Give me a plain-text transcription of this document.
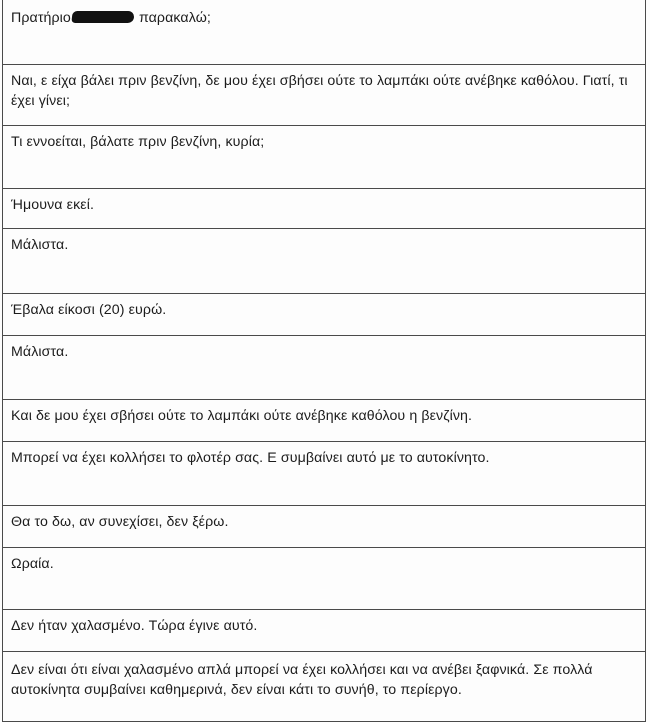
Πρατήριο	παρακαλώ;
Ναι, ε είχα βάλει πριν βενζίνη, δε μου έχει σβήσει ούτε το λαμπάκι ούτε ανέβηκε καθόλου. Γιατί, τι έχει γίνει;
Τι εννοείται, βάλατε πριν βενζίνη, κυρία;
Ήμουνα εκεί.
Μάλιστα.
Έβαλα είκοσι (20) ευρώ.
Μάλιστα.
Και δε μου έχει σβήσει ούτε το λαμπάκι ούτε ανέβηκε καθόλου η βενζίνη.
Μπορεί να έχει κολλήσει το φλοτέρ σας. Ε συμβαίνει αυτό με το αυτοκίνητο.
Θα το δω, αν συνεχίσει, δεν ξέρω.
Ωραία.
Δεν ήταν χαλασμένο. Τώρα έγινε αυτό.
Δεν είναι ότι είναι χαλασμένο απλά μπορεί να έχει κολλήσει και να ανέβει ξαφνικά. Σε πολλά αυτοκίνητα συμβαίνει καθημερινά, δεν είναι κάτι το συνήθ, το περίεργο.
